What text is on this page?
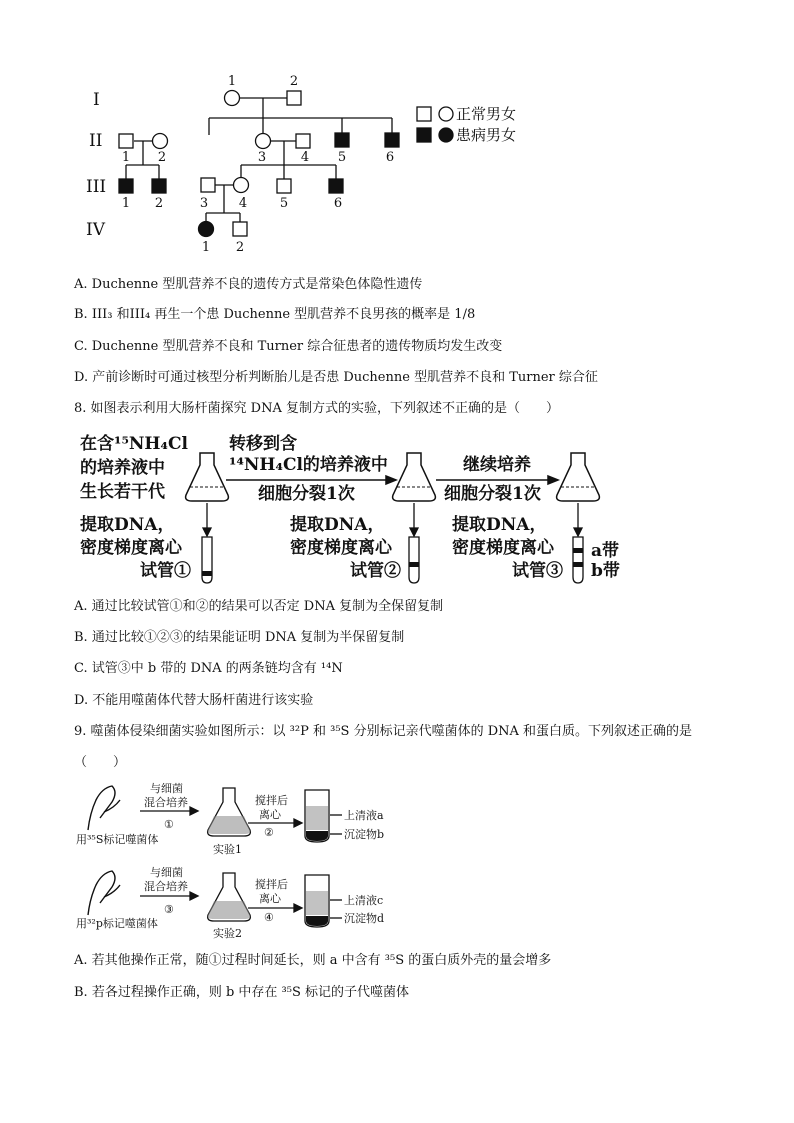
I
II
III
IV
1	2
1 2	3	4 5	6
1 2	3 4	5	6
1 2
正常男女
患病男女
A. Duchenne 型肌营养不良的遗传方式是常染色体隐性遗传
B. III₃ 和III₄ 再生一个患 Duchenne 型肌营养不良男孩的概率是 1/8
C. Duchenne 型肌营养不良和 Turner 综合征患者的遗传物质均发生改变
D. 产前诊断时可通过核型分析判断胎儿是否患 Duchenne 型肌营养不良和 Turner 综合征
8. 如图表示利用大肠杆菌探究 DNA 复制方式的实验，下列叙述不正确的是（　　）
在含¹⁵NH₄Cl
的培养液中
生长若干代
转移到含
¹⁴NH₄Cl的培养液中
细胞分裂1次
继续培养
细胞分裂1次
提取DNA，
密度梯度离心
试管①
提取DNA，
密度梯度离心
试管②
提取DNA，
密度梯度离心
试管③
a带
b带
A. 通过比较试管①和②的结果可以否定 DNA 复制为全保留复制
B. 通过比较①②③的结果能证明 DNA 复制为半保留复制
C. 试管③中 b 带的 DNA 的两条链均含有 ¹⁴N
D. 不能用噬菌体代替大肠杆菌进行该实验
9. 噬菌体侵染细菌实验如图所示：以 ³²P 和 ³⁵S 分别标记亲代噬菌体的 DNA 和蛋白质。下列叙述正确的是
（　　）
与细菌
混合培养
①
用³⁵S标记噬菌体
搅拌后
离心
②
实验1
上清液a
沉淀物b
与细菌
混合培养
③
用³²p标记噬菌体
搅拌后
离心
④
实验2
上清液c
沉淀物d
A. 若其他操作正常，随①过程时间延长，则 a 中含有 ³⁵S 的蛋白质外壳的量会增多
B. 若各过程操作正确，则 b 中存在 ³⁵S 标记的子代噬菌体
